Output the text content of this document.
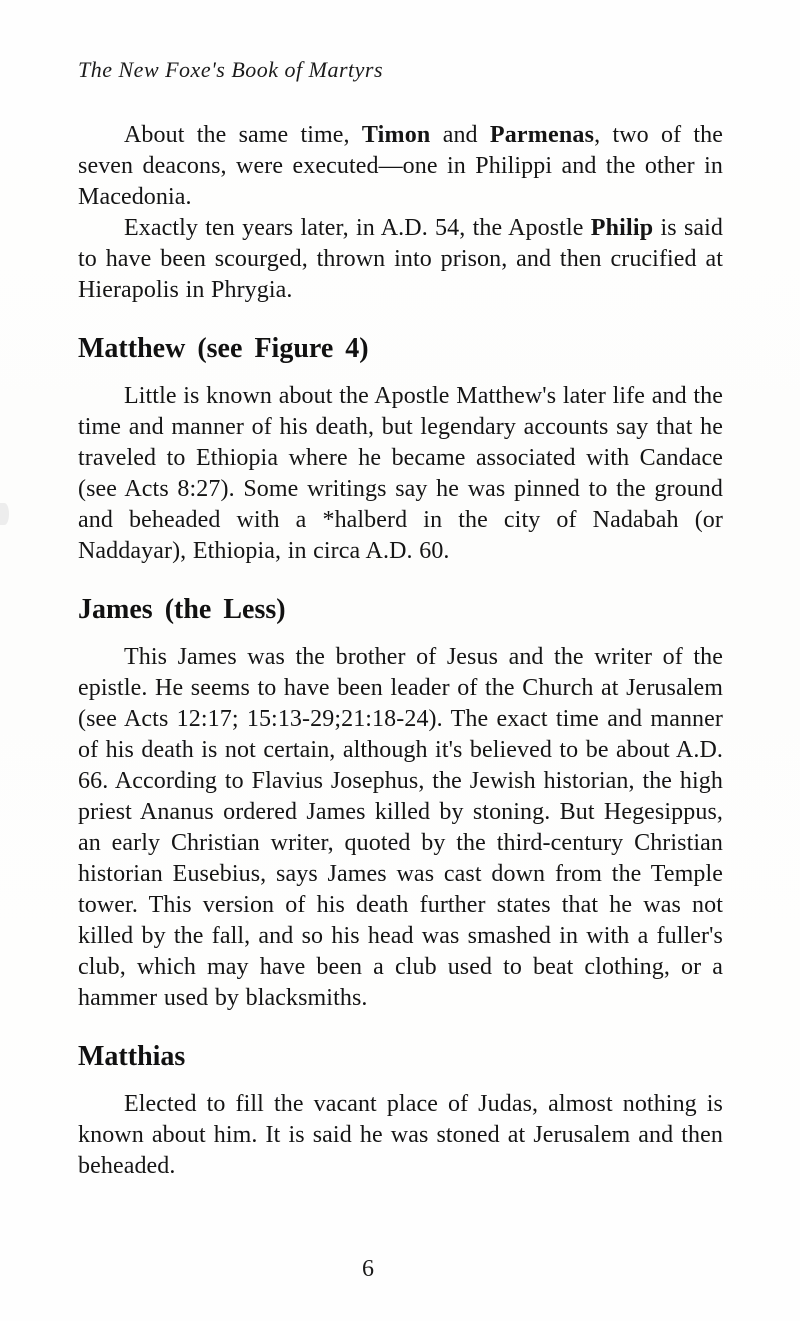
The New Foxe's Book of Martyrs

About the same time, Timon and Parmenas, two of the seven deacons, were executed—one in Philippi and the other in Macedonia.

Exactly ten years later, in A.D. 54, the Apostle Philip is said to have been scourged, thrown into prison, and then crucified at Hierapolis in Phrygia.

Matthew (see Figure 4)

Little is known about the Apostle Matthew's later life and the time and manner of his death, but legendary accounts say that he traveled to Ethiopia where he became associated with Candace (see Acts 8:27). Some writings say he was pinned to the ground and beheaded with a *halberd in the city of Nadabah (or Naddayar), Ethiopia, in circa A.D. 60.

James (the Less)

This James was the brother of Jesus and the writer of the epistle. He seems to have been leader of the Church at Jerusalem (see Acts 12:17; 15:13-29;21:18-24). The exact time and manner of his death is not certain, although it's believed to be about A.D. 66. According to Flavius Josephus, the Jewish historian, the high priest Ananus ordered James killed by stoning. But Hegesippus, an early Christian writer, quoted by the third-century Christian historian Eusebius, says James was cast down from the Temple tower. This version of his death further states that he was not killed by the fall, and so his head was smashed in with a fuller's club, which may have been a club used to beat clothing, or a hammer used by blacksmiths.

Matthias

Elected to fill the vacant place of Judas, almost nothing is known about him. It is said he was stoned at Jerusalem and then beheaded.

6
